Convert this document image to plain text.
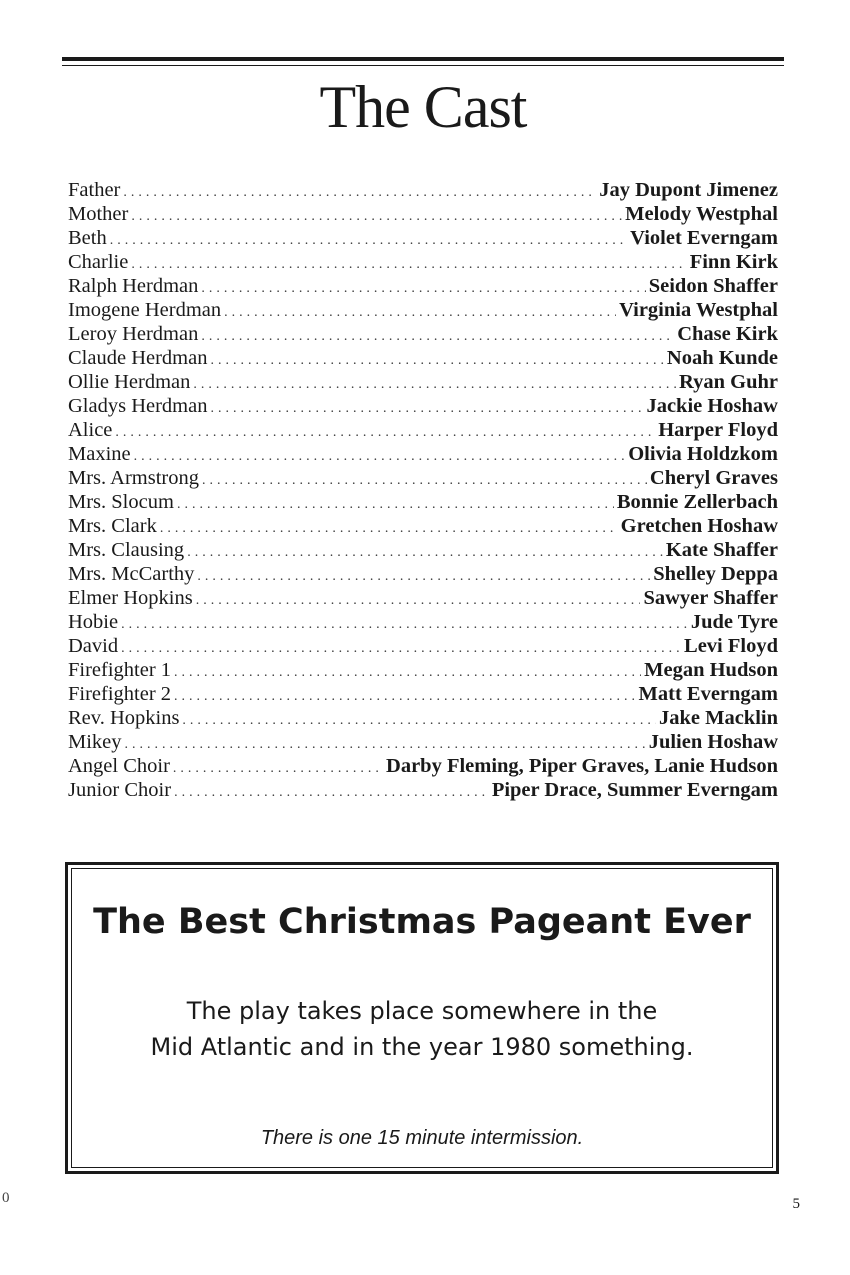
The Cast
Father .....	Jay Dupont Jimenez
Mother .....	Melody Westphal
Beth .....	Violet Everngam
Charlie .....	Finn Kirk
Ralph Herdman .....	Seidon Shaffer
Imogene Herdman .....	Virginia Westphal
Leroy Herdman .....	Chase Kirk
Claude Herdman .....	Noah Kunde
Ollie Herdman .....	Ryan Guhr
Gladys Herdman .....	Jackie Hoshaw
Alice .....	Harper Floyd
Maxine .....	Olivia Holdzkom
Mrs. Armstrong .....	Cheryl Graves
Mrs. Slocum .....	Bonnie Zellerbach
Mrs. Clark .....	Gretchen Hoshaw
Mrs. Clausing .....	Kate Shaffer
Mrs. McCarthy .....	Shelley Deppa
Elmer Hopkins .....	Sawyer Shaffer
Hobie .....	Jude Tyre
David .....	Levi Floyd
Firefighter 1 .....	Megan Hudson
Firefighter 2 .....	Matt Everngam
Rev. Hopkins .....	Jake Macklin
Mikey .....	Julien Hoshaw
Angel Choir .....	Darby Fleming, Piper Graves, Lanie Hudson
Junior Choir .....	Piper Drace, Summer Everngam
The Best Christmas Pageant Ever
The play takes place somewhere in the
Mid Atlantic and in the year 1980 something.
There is one 15 minute intermission.
0	5
